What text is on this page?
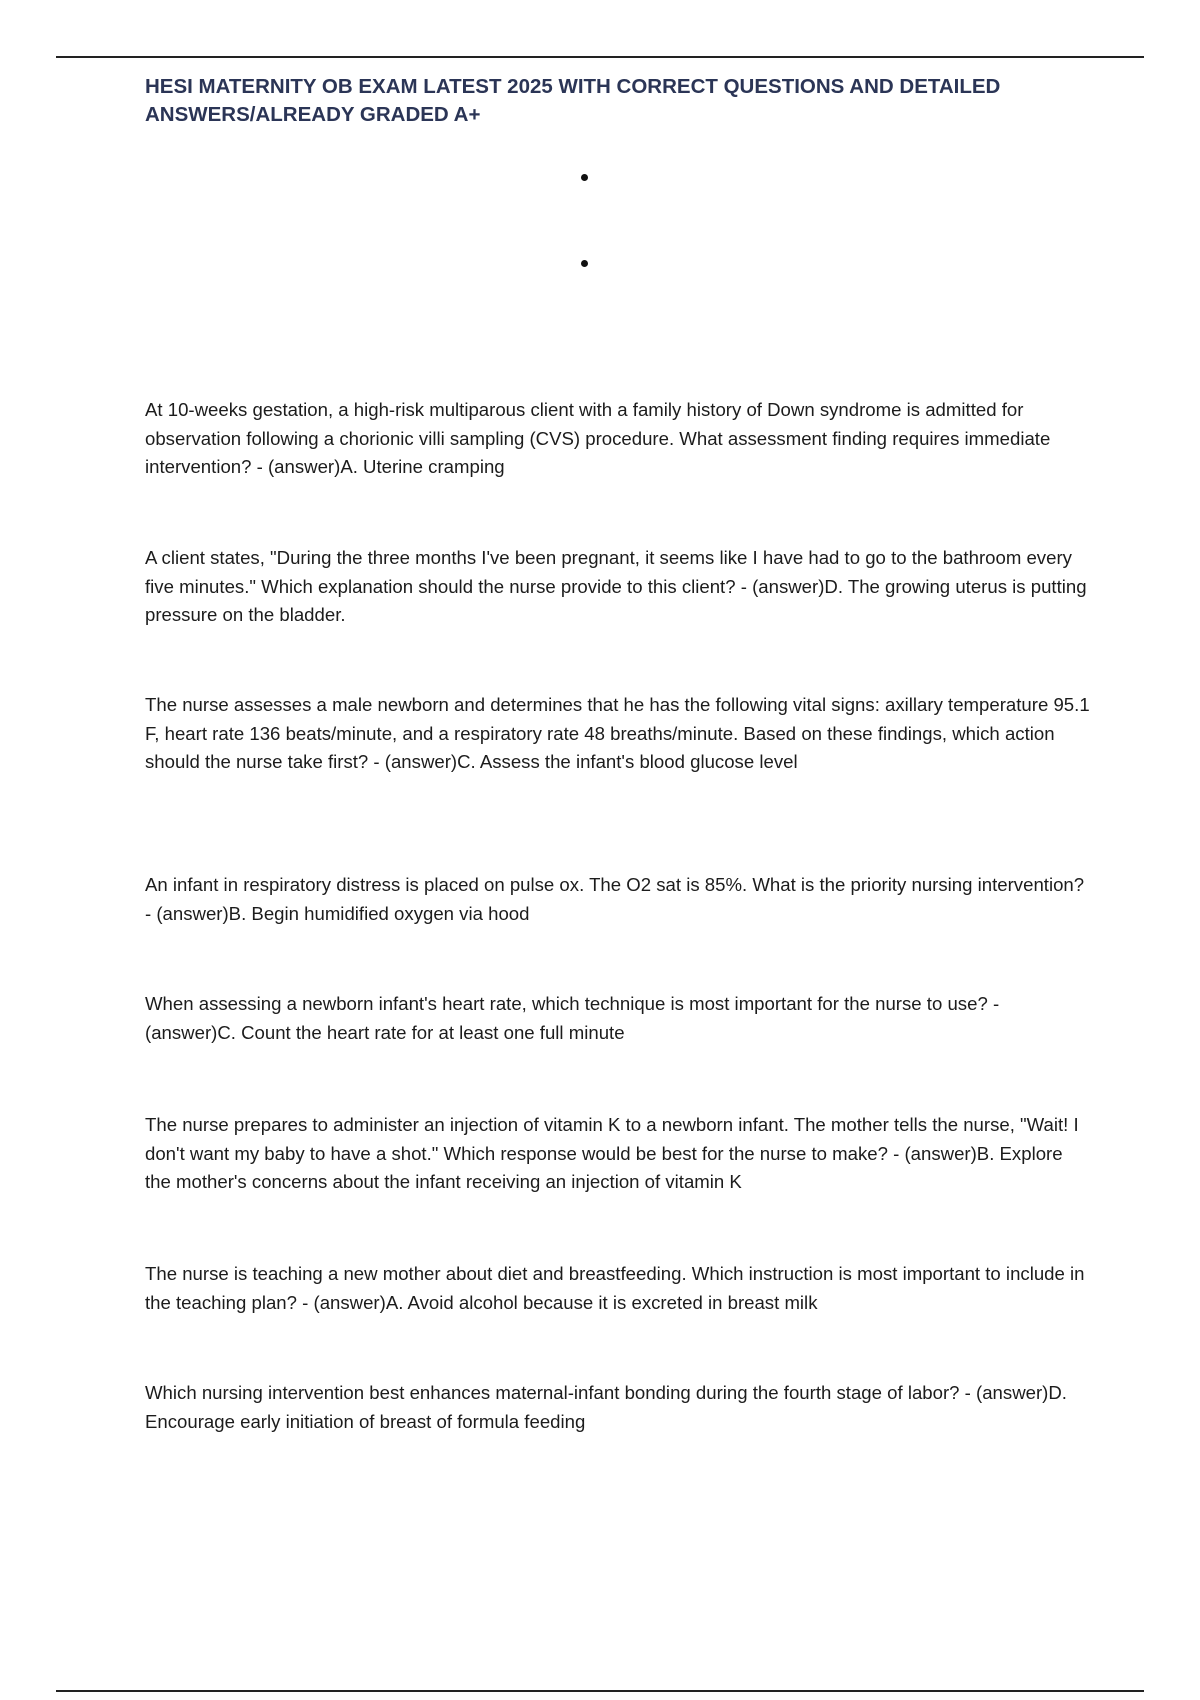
HESI MATERNITY OB EXAM LATEST 2025 WITH CORRECT QUESTIONS AND DETAILED ANSWERS/ALREADY GRADED A+

At 10-weeks gestation, a high-risk multiparous client with a family history of Down syndrome is admitted for observation following a chorionic villi sampling (CVS) procedure. What assessment finding requires immediate intervention? - (answer)A. Uterine cramping

A client states, "During the three months I've been pregnant, it seems like I have had to go to the bathroom every five minutes." Which explanation should the nurse provide to this client? - (answer)D. The growing uterus is putting pressure on the bladder.

The nurse assesses a male newborn and determines that he has the following vital signs: axillary temperature 95.1 F, heart rate 136 beats/minute, and a respiratory rate 48 breaths/minute. Based on these findings, which action should the nurse take first? - (answer)C. Assess the infant's blood glucose level

An infant in respiratory distress is placed on pulse ox. The O2 sat is 85%. What is the priority nursing intervention? - (answer)B. Begin humidified oxygen via hood

When assessing a newborn infant's heart rate, which technique is most important for the nurse to use? - (answer)C. Count the heart rate for at least one full minute

The nurse prepares to administer an injection of vitamin K to a newborn infant. The mother tells the nurse, "Wait! I don't want my baby to have a shot." Which response would be best for the nurse to make? - (answer)B. Explore the mother's concerns about the infant receiving an injection of vitamin K

The nurse is teaching a new mother about diet and breastfeeding. Which instruction is most important to include in the teaching plan? - (answer)A. Avoid alcohol because it is excreted in breast milk

Which nursing intervention best enhances maternal-infant bonding during the fourth stage of labor? - (answer)D. Encourage early initiation of breast of formula feeding
